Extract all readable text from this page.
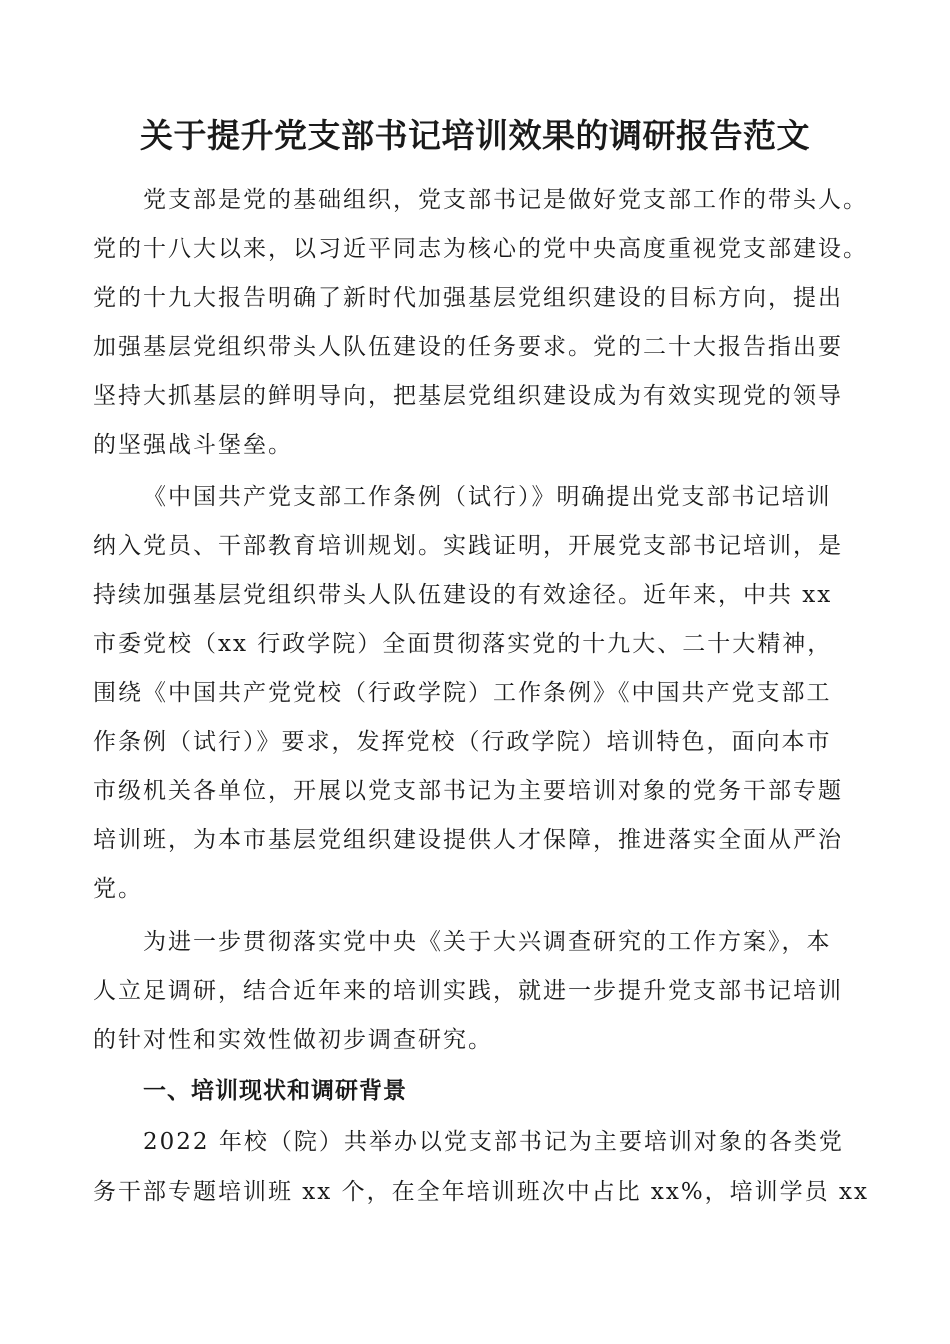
关于提升党支部书记培训效果的调研报告范文
党支部是党的基础组织，党支部书记是做好党支部工作的带头人。
党的十八大以来，以习近平同志为核心的党中央高度重视党支部建设。
党的十九大报告明确了新时代加强基层党组织建设的目标方向，提出
加强基层党组织带头人队伍建设的任务要求。党的二十大报告指出要
坚持大抓基层的鲜明导向，把基层党组织建设成为有效实现党的领导
的坚强战斗堡垒。
《中国共产党支部工作条例（试行）》明确提出党支部书记培训
纳入党员、干部教育培训规划。实践证明，开展党支部书记培训，是
持续加强基层党组织带头人队伍建设的有效途径。近年来，中共 xx
市委党校（xx 行政学院）全面贯彻落实党的十九大、二十大精神，
围绕《中国共产党党校（行政学院）工作条例》《中国共产党支部工
作条例（试行）》要求，发挥党校（行政学院）培训特色，面向本市
市级机关各单位，开展以党支部书记为主要培训对象的党务干部专题
培训班，为本市基层党组织建设提供人才保障，推进落实全面从严治
党。
为进一步贯彻落实党中央《关于大兴调查研究的工作方案》，本
人立足调研，结合近年来的培训实践，就进一步提升党支部书记培训
的针对性和实效性做初步调查研究。
一、培训现状和调研背景
2022 年校（院）共举办以党支部书记为主要培训对象的各类党
务干部专题培训班 xx 个，在全年培训班次中占比 xx%，培训学员 xx
